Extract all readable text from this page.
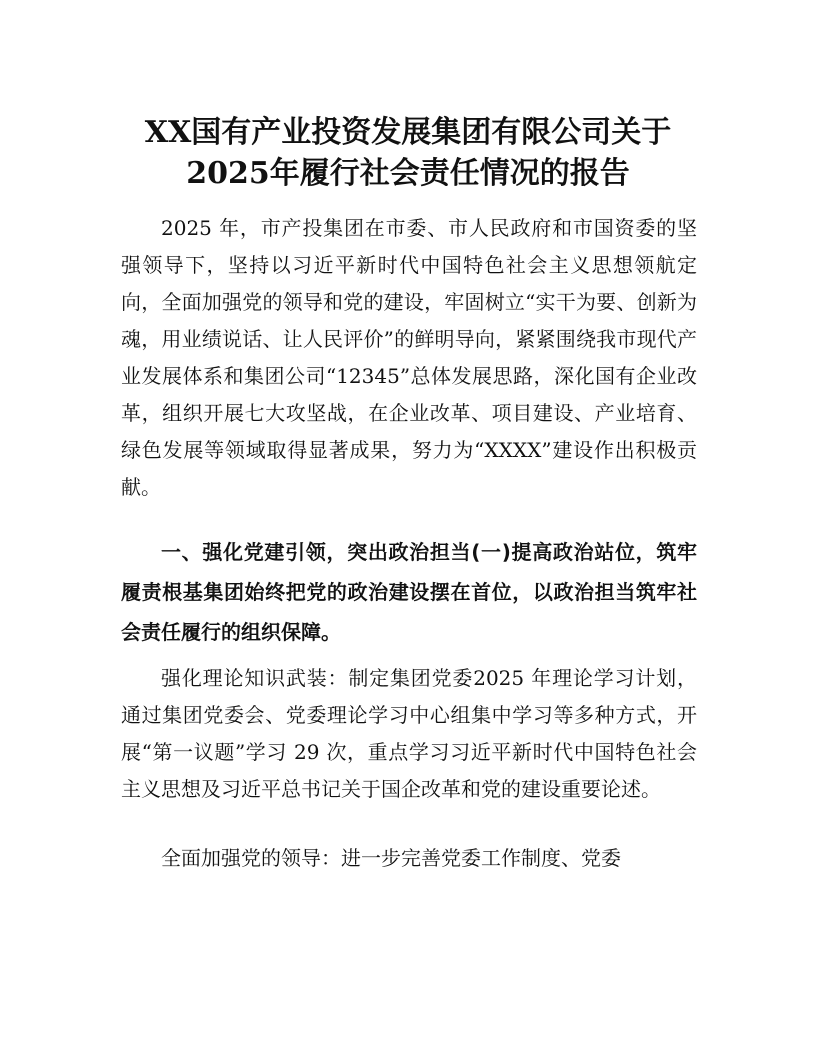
XX国有产业投资发展集团有限公司关于
2025年履行社会责任情况的报告

2025 年，市产投集团在市委、市人民政府和市国资委的坚强领导下，坚持以习近平新时代中国特色社会主义思想领航定向，全面加强党的领导和党的建设，牢固树立“实干为要、创新为魂，用业绩说话、让人民评价”的鲜明导向，紧紧围绕我市现代产业发展体系和集团公司“12345”总体发展思路，深化国有企业改革，组织开展七大攻坚战，在企业改革、项目建设、产业培育、绿色发展等领域取得显著成果，努力为“XXXX”建设作出积极贡献。

一、强化党建引领，突出政治担当(一)提高政治站位，筑牢履责根基集团始终把党的政治建设摆在首位，以政治担当筑牢社会责任履行的组织保障。

强化理论知识武装：制定集团党委2025 年理论学习计划，通过集团党委会、党委理论学习中心组集中学习等多种方式，开展“第一议题”学习 29 次，重点学习习近平新时代中国特色社会主义思想及习近平总书记关于国企改革和党的建设重要论述。

全面加强党的领导：进一步完善党委工作制度、党委
